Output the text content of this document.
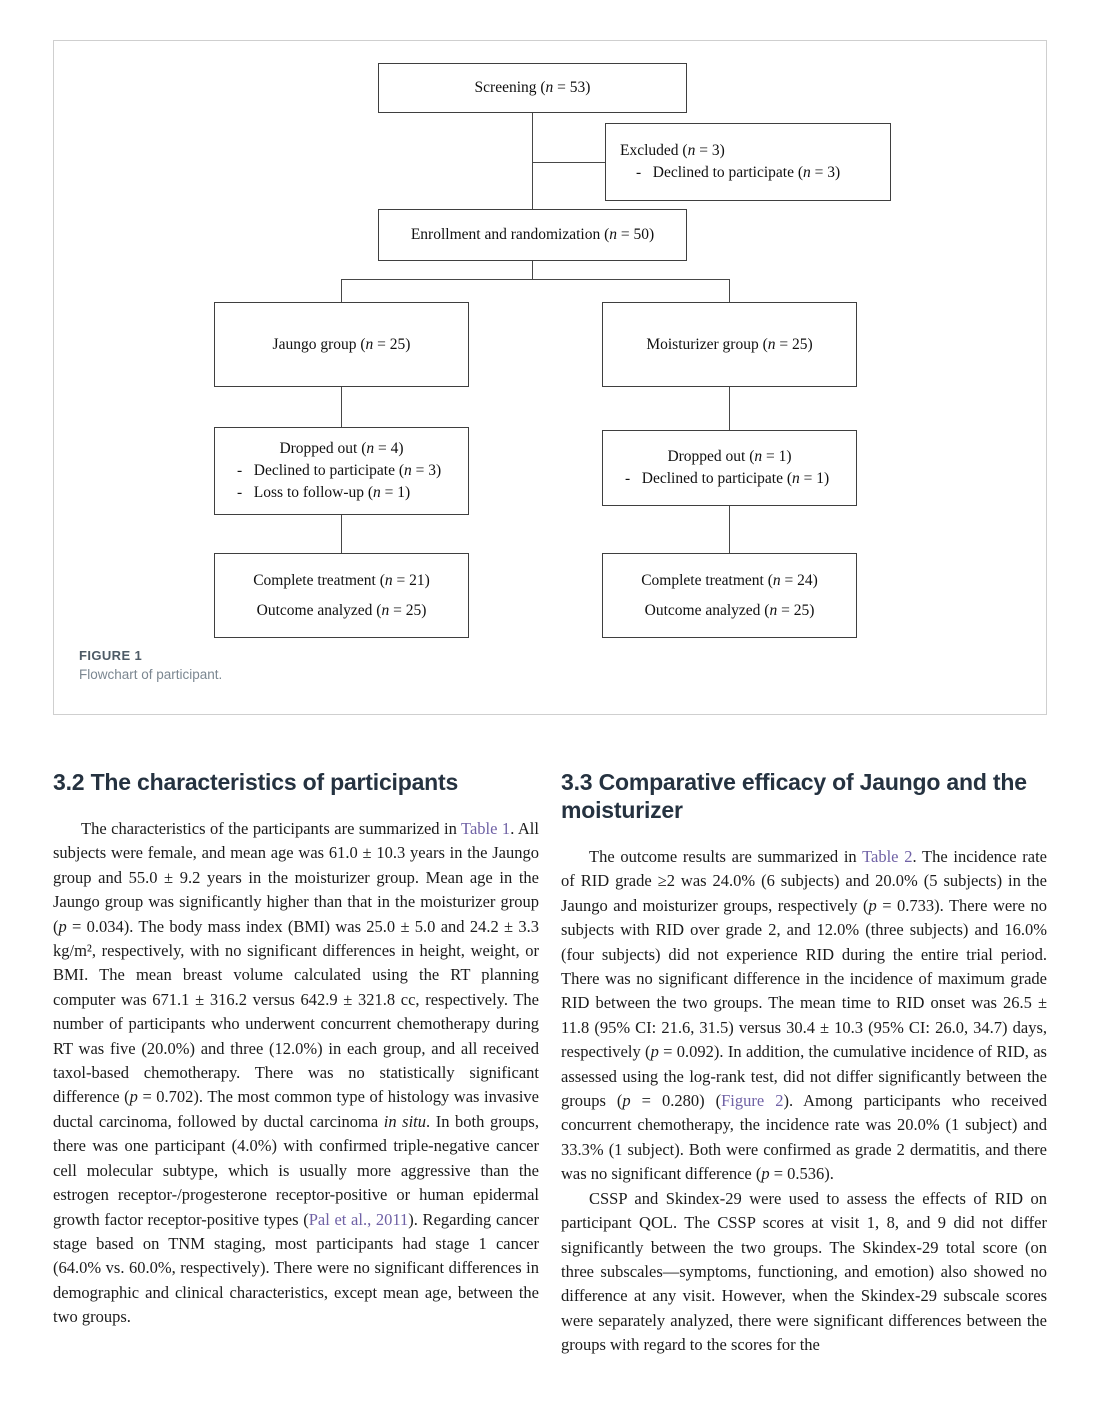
Screening (n = 53)
Excluded (n = 3)
-   Declined to participate (n = 3)
Enrollment and randomization (n = 50)
Jaungo group (n = 25)	Moisturizer group (n = 25)
Dropped out (n = 4)
-   Declined to participate (n = 3)
-   Loss to follow-up (n = 1)
Dropped out (n = 1)
-   Declined to participate (n = 1)
Complete treatment (n = 21)
Outcome analyzed (n = 25)
Complete treatment (n = 24)
Outcome analyzed (n = 25)
FIGURE 1
Flowchart of participant.
3.2 The characteristics of participants

The characteristics of the participants are summarized in Table 1. All subjects were female, and mean age was 61.0 ± 10.3 years in the Jaungo group and 55.0 ± 9.2 years in the moisturizer group. Mean age in the Jaungo group was significantly higher than that in the moisturizer group (p = 0.034). The body mass index (BMI) was 25.0 ± 5.0 and 24.2 ± 3.3 kg/m², respectively, with no significant differences in height, weight, or BMI. The mean breast volume calculated using the RT planning computer was 671.1 ± 316.2 versus 642.9 ± 321.8 cc, respectively. The number of participants who underwent concurrent chemotherapy during RT was five (20.0%) and three (12.0%) in each group, and all received taxol-based chemotherapy. There was no statistically significant difference (p = 0.702). The most common type of histology was invasive ductal carcinoma, followed by ductal carcinoma in situ. In both groups, there was one participant (4.0%) with confirmed triple-negative cancer cell molecular subtype, which is usually more aggressive than the estrogen receptor-/progesterone receptor-positive or human epidermal growth factor receptor-positive types (Pal et al., 2011). Regarding cancer stage based on TNM staging, most participants had stage 1 cancer (64.0% vs. 60.0%, respectively). There were no significant differences in demographic and clinical characteristics, except mean age, between the two groups.

3.3 Comparative efficacy of Jaungo and the moisturizer

The outcome results are summarized in Table 2. The incidence rate of RID grade ≥2 was 24.0% (6 subjects) and 20.0% (5 subjects) in the Jaungo and moisturizer groups, respectively (p = 0.733). There were no subjects with RID over grade 2, and 12.0% (three subjects) and 16.0% (four subjects) did not experience RID during the entire trial period. There was no significant difference in the incidence of maximum grade RID between the two groups. The mean time to RID onset was 26.5 ± 11.8 (95% CI: 21.6, 31.5) versus 30.4 ± 10.3 (95% CI: 26.0, 34.7) days, respectively (p = 0.092). In addition, the cumulative incidence of RID, as assessed using the log-rank test, did not differ significantly between the groups (p = 0.280) (Figure 2). Among participants who received concurrent chemotherapy, the incidence rate was 20.0% (1 subject) and 33.3% (1 subject). Both were confirmed as grade 2 dermatitis, and there was no significant difference (p = 0.536).

CSSP and Skindex-29 were used to assess the effects of RID on participant QOL. The CSSP scores at visit 1, 8, and 9 did not differ significantly between the two groups. The Skindex-29 total score (on three subscales—symptoms, functioning, and emotion) also showed no difference at any visit. However, when the Skindex-29 subscale scores were separately analyzed, there were significant differences between the groups with regard to the scores for the
